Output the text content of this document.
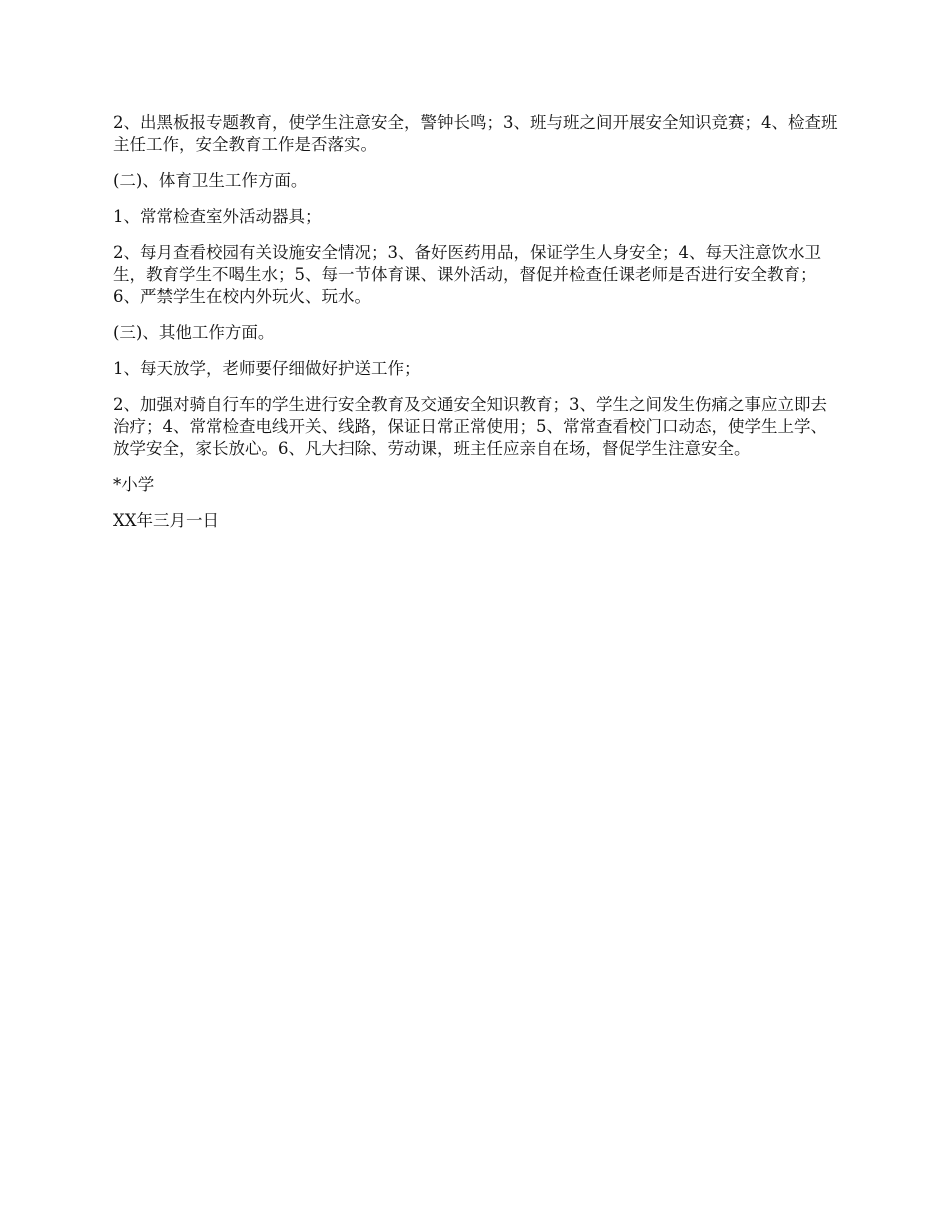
2、出黑板报专题教育，使学生注意安全，警钟长鸣；3、班与班之间开展安全知识竞赛；4、检查班主任工作，安全教育工作是否落实。

(二)、体育卫生工作方面。

1、常常检查室外活动器具；

2、每月查看校园有关设施安全情况；3、备好医药用品，保证学生人身安全；4、每天注意饮水卫生，教育学生不喝生水；5、每一节体育课、课外活动，督促并检查任课老师是否进行安全教育；6、严禁学生在校内外玩火、玩水。

(三)、其他工作方面。

1、每天放学，老师要仔细做好护送工作；

2、加强对骑自行车的学生进行安全教育及交通安全知识教育；3、学生之间发生伤痛之事应立即去治疗；4、常常检查电线开关、线路，保证日常正常使用；5、常常查看校门口动态，使学生上学、放学安全，家长放心。6、凡大扫除、劳动课，班主任应亲自在场，督促学生注意安全。

*小学

XX年三月一日
